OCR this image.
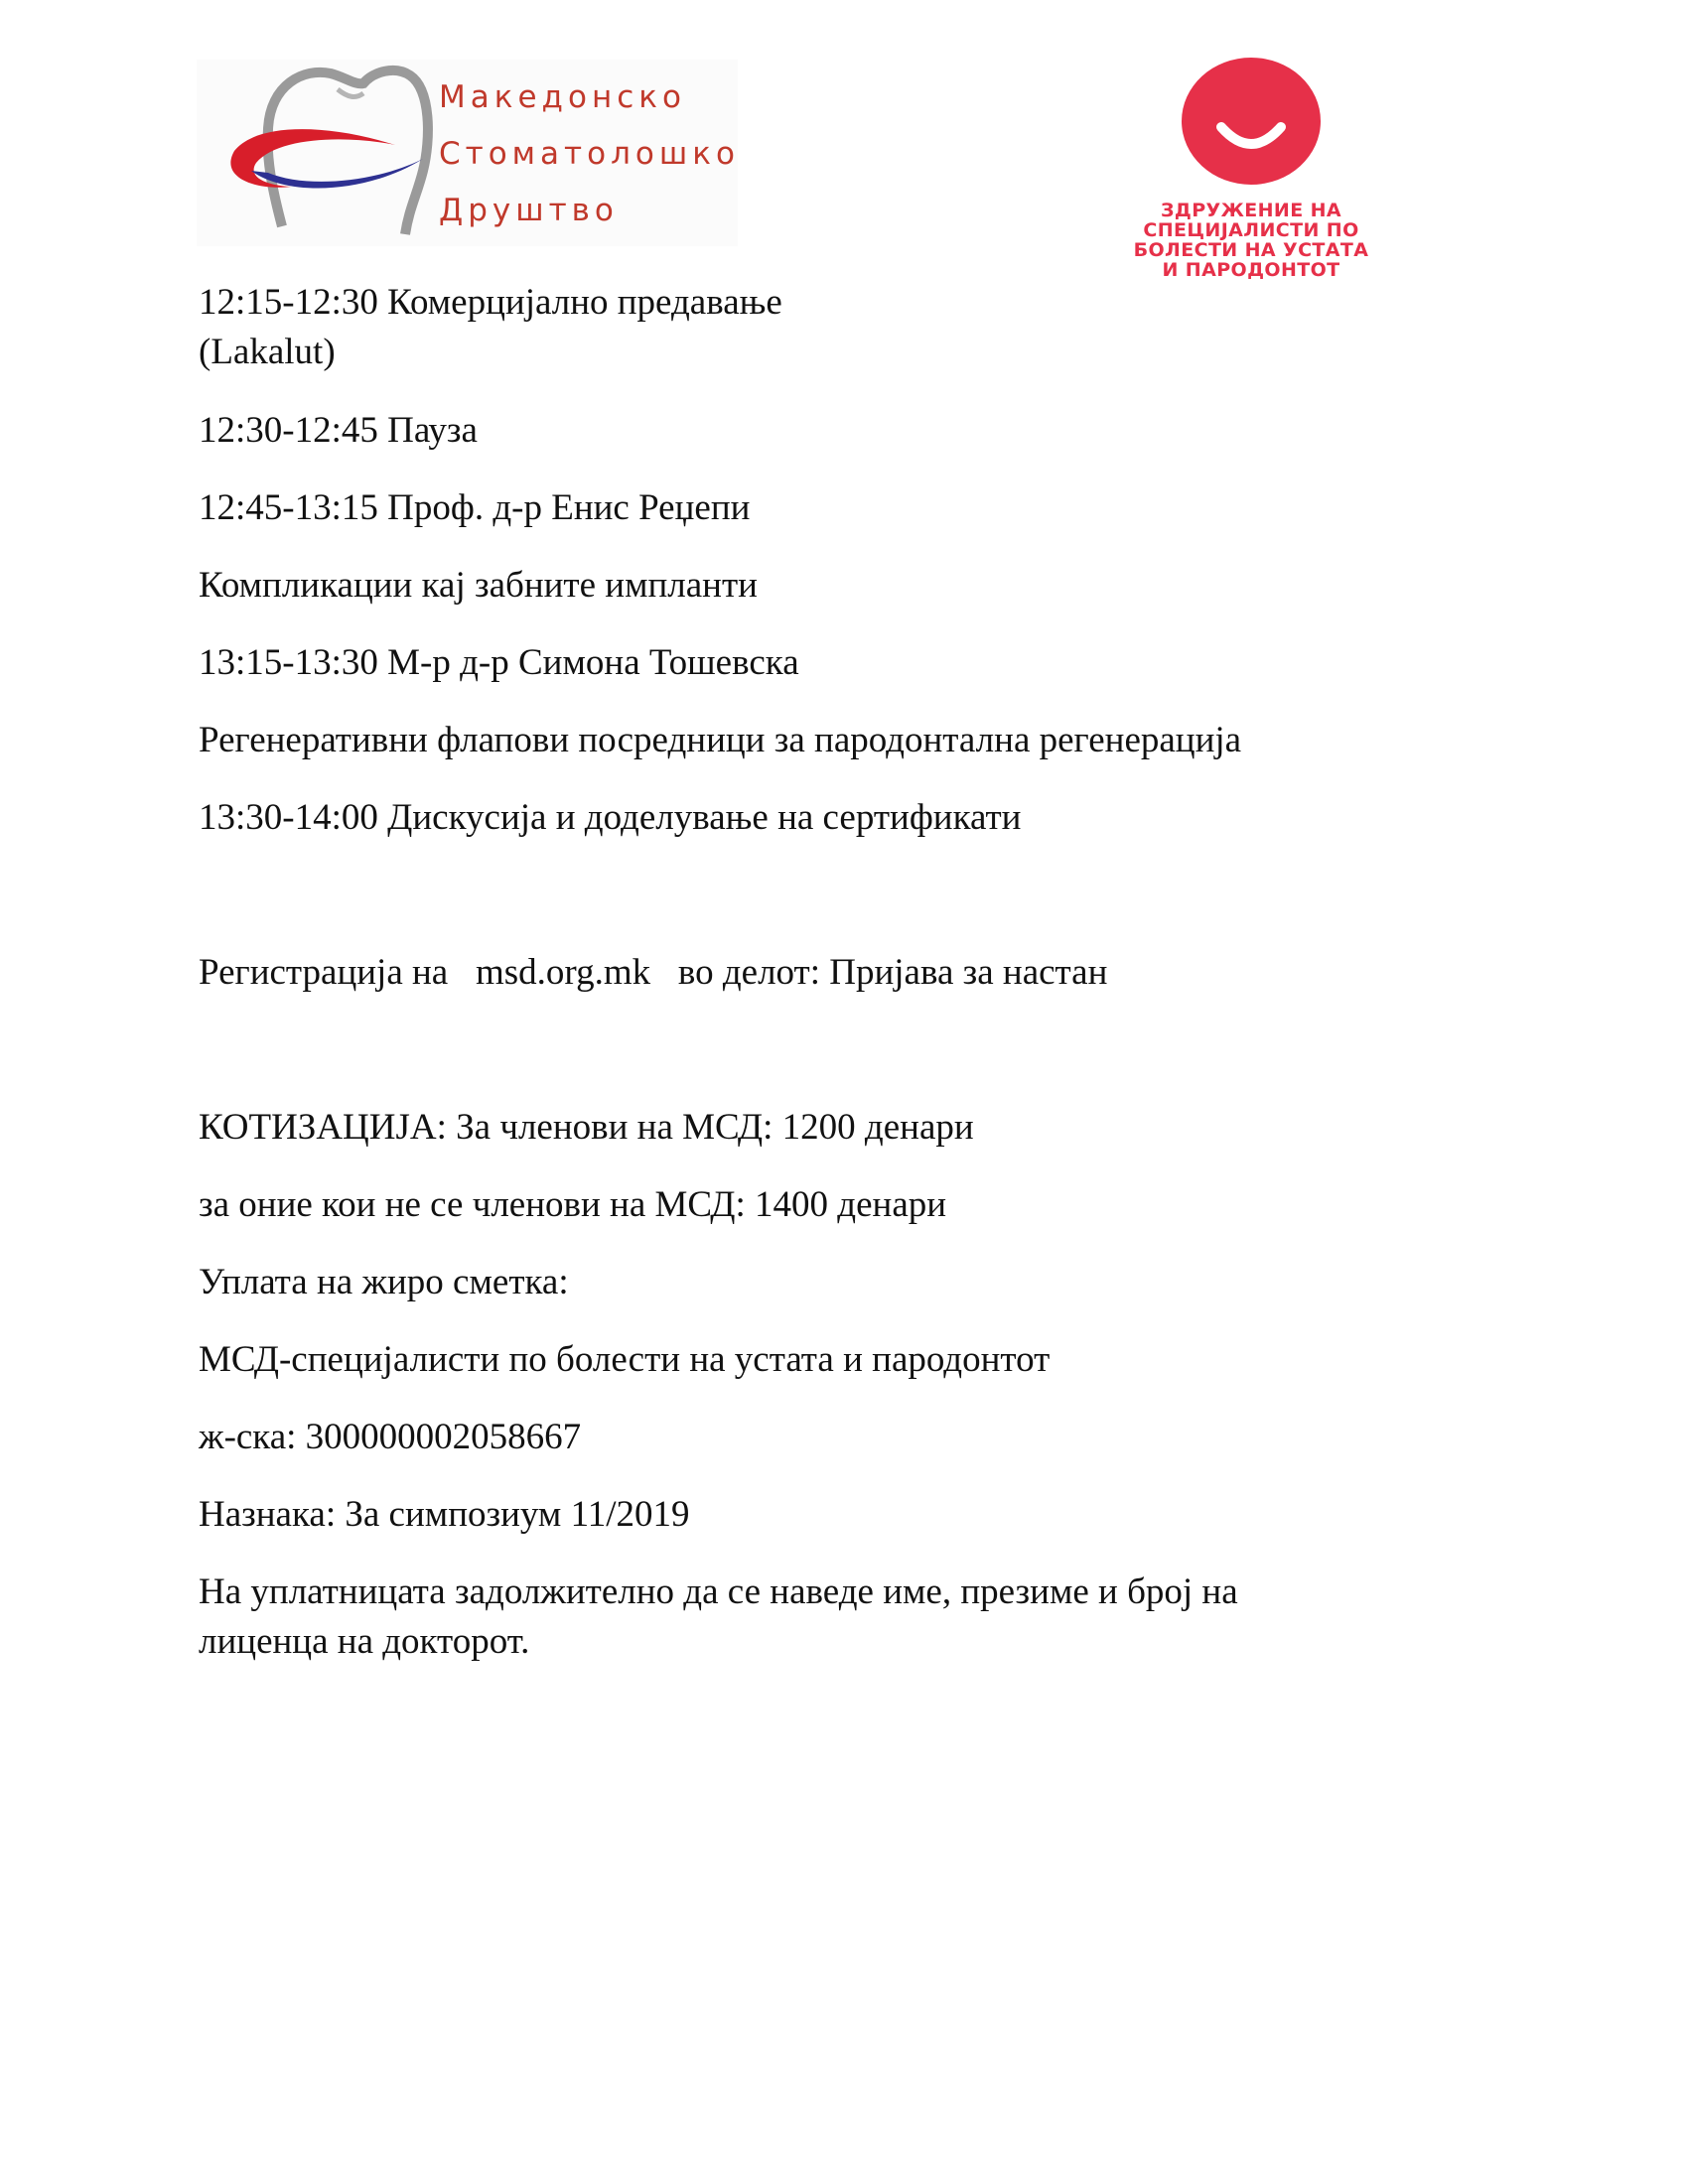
Македонско
Стоматолошко
Друштво	ЗДРУЖЕНИЕ НА
СПЕЦИЈАЛИСТИ ПО
БОЛЕСТИ НА УСТАТА
И ПАРОДОНТОТ
12:15-12:30 Комерцијално предавање
(Lakalut)
12:30-12:45 Пауза
12:45-13:15 Проф. д-р Енис Реџепи
Компликации кај забните импланти
13:15-13:30 М-р д-р Симона Тошевска
Регенеративни флапови посредници за пародонтална регенерација
13:30-14:00 Дискусија и доделување на сертификати
Регистрација на msd.org.mk во делот: Пријава за настан
КОТИЗАЦИЈА: За членови на МСД: 1200 денари
за оние кои не се членови на МСД: 1400 денари
Уплата на жиро сметка:
МСД-специјалисти по болести на устата и пародонтот
ж-ска: 300000002058667
Назнака: За симпозиум 11/2019
На уплатницата задолжително да се наведе име, презиме и број на
лиценца на докторот.
